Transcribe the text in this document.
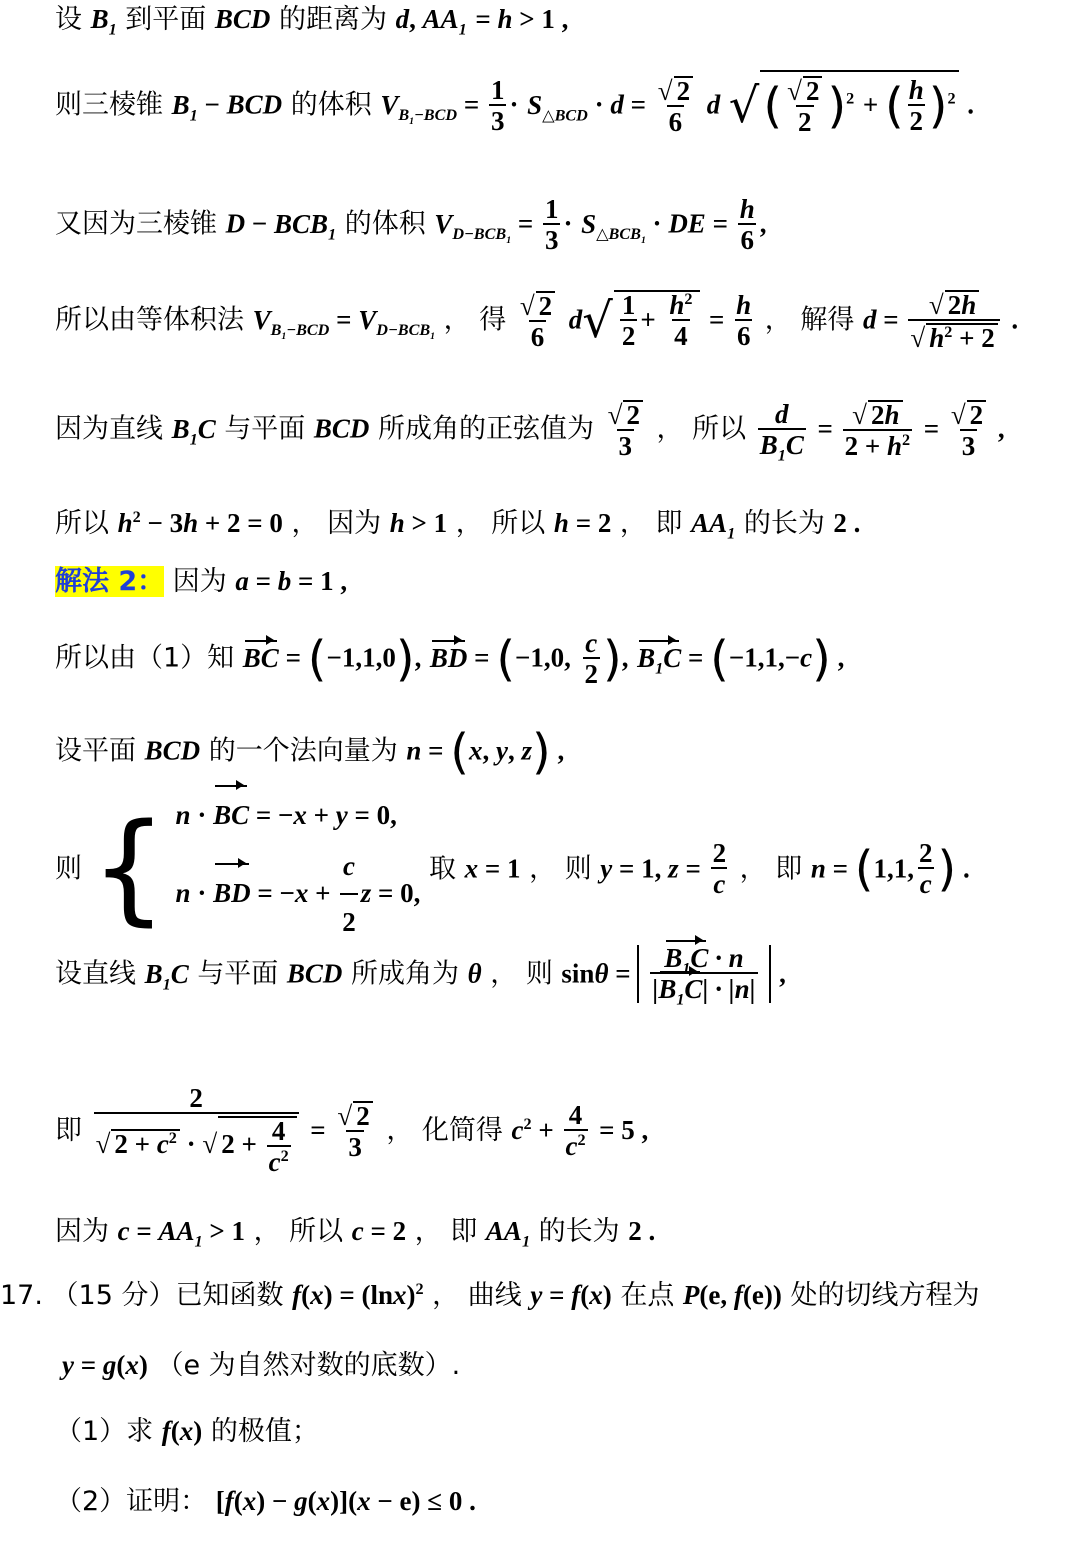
设 $B_1$ 到平面 BCD 的距离为 d, $AA_1 = h > 1$ ,
则三棱锥 $B_1$ − BCD 的体积 $V_{B_1-BCD} = \frac{1}{3} \cdot S_{\triangle BCD} \cdot d = \frac{√ 2}{6}$ d √( $\frac{√ 2}{2} )^2$ + ( $\frac{h}{2} )^2$ .
又因为三棱锥 $D - BCB_1$ 的体积 $V_{D-BCB_1} = \frac{1}{3} \cdot S_{\triangle BCB_1}$ · DE = $\frac{h}{6}$ ,
所以由等体积法 $V_{B_1-BCD} = V_{D-BCB_1}$ ， 得 $\frac{√ 2}{6} d√ \frac{1}{2} + \frac{h^2}{4} = \frac{h}{6}$ ， 解得 $d = \frac{√ 2h}{√ h^2 + 2}$ .
因为直线 $B_1C$ 与平面 BCD 所成角的正弦值为 $\frac{√ 2}{3}$ ， 所以 $\frac{d}{B_1C} = \frac{√ 2h}{2 + h^2} = \frac{√ 2}{3}$ ,
所以 $h^2 - 3h + 2 = 0$ ， 因为 h > 1 ， 所以 h = 2 ， 即 $AA_1$ 的长为 2 .
解法 2： 因为 a = b = 1 ,
所以由（1）知 BC = (−1,1,0), BD = (−1,0, $\frac{c}{2}$ ), $B_1C = (-1,1,-c)$ ,
设平面 BCD 的一个法向量为 n = (x, y, z) ,
则 { n · BC = −x + y = 0,
n · BD = $-x + \frac{c}{2}$ z = 0,
取 x = 1 ， 则 y = 1, $z = \frac{2}{c}$ ， 即 n = (1,1, $\frac{2}{c}$ ) .
设直线 $B_1C$ 与平面 BCD 所成角为 θ ， 则 $\sin\theta = \frac{B_1C \cdot n}{|B_1C| \cdot |n|}$ ,
即 $\frac{2}{√ 2 + c^2 \cdot √ 2 + \frac{4}{c^2}} = \frac{√ 2}{3}$ ， 化简得 $c^2 + \frac{4}{c^2} = 5$ ,
因为 $c = AA_1 > 1$ ， 所以 c = 2 ， 即 $AA_1$ 的长为 2 .
17. （15 分）已知函数 $f(x) = (\ln x)^2$ ， 曲线 y = f(x) 在点 P(e, f(e)) 处的切线方程为
y = g(x) （e 为自然对数的底数）.
（1）求 f(x) 的极值；
（2）证明： [f(x) − g(x)](x − e) ≤ 0 .
